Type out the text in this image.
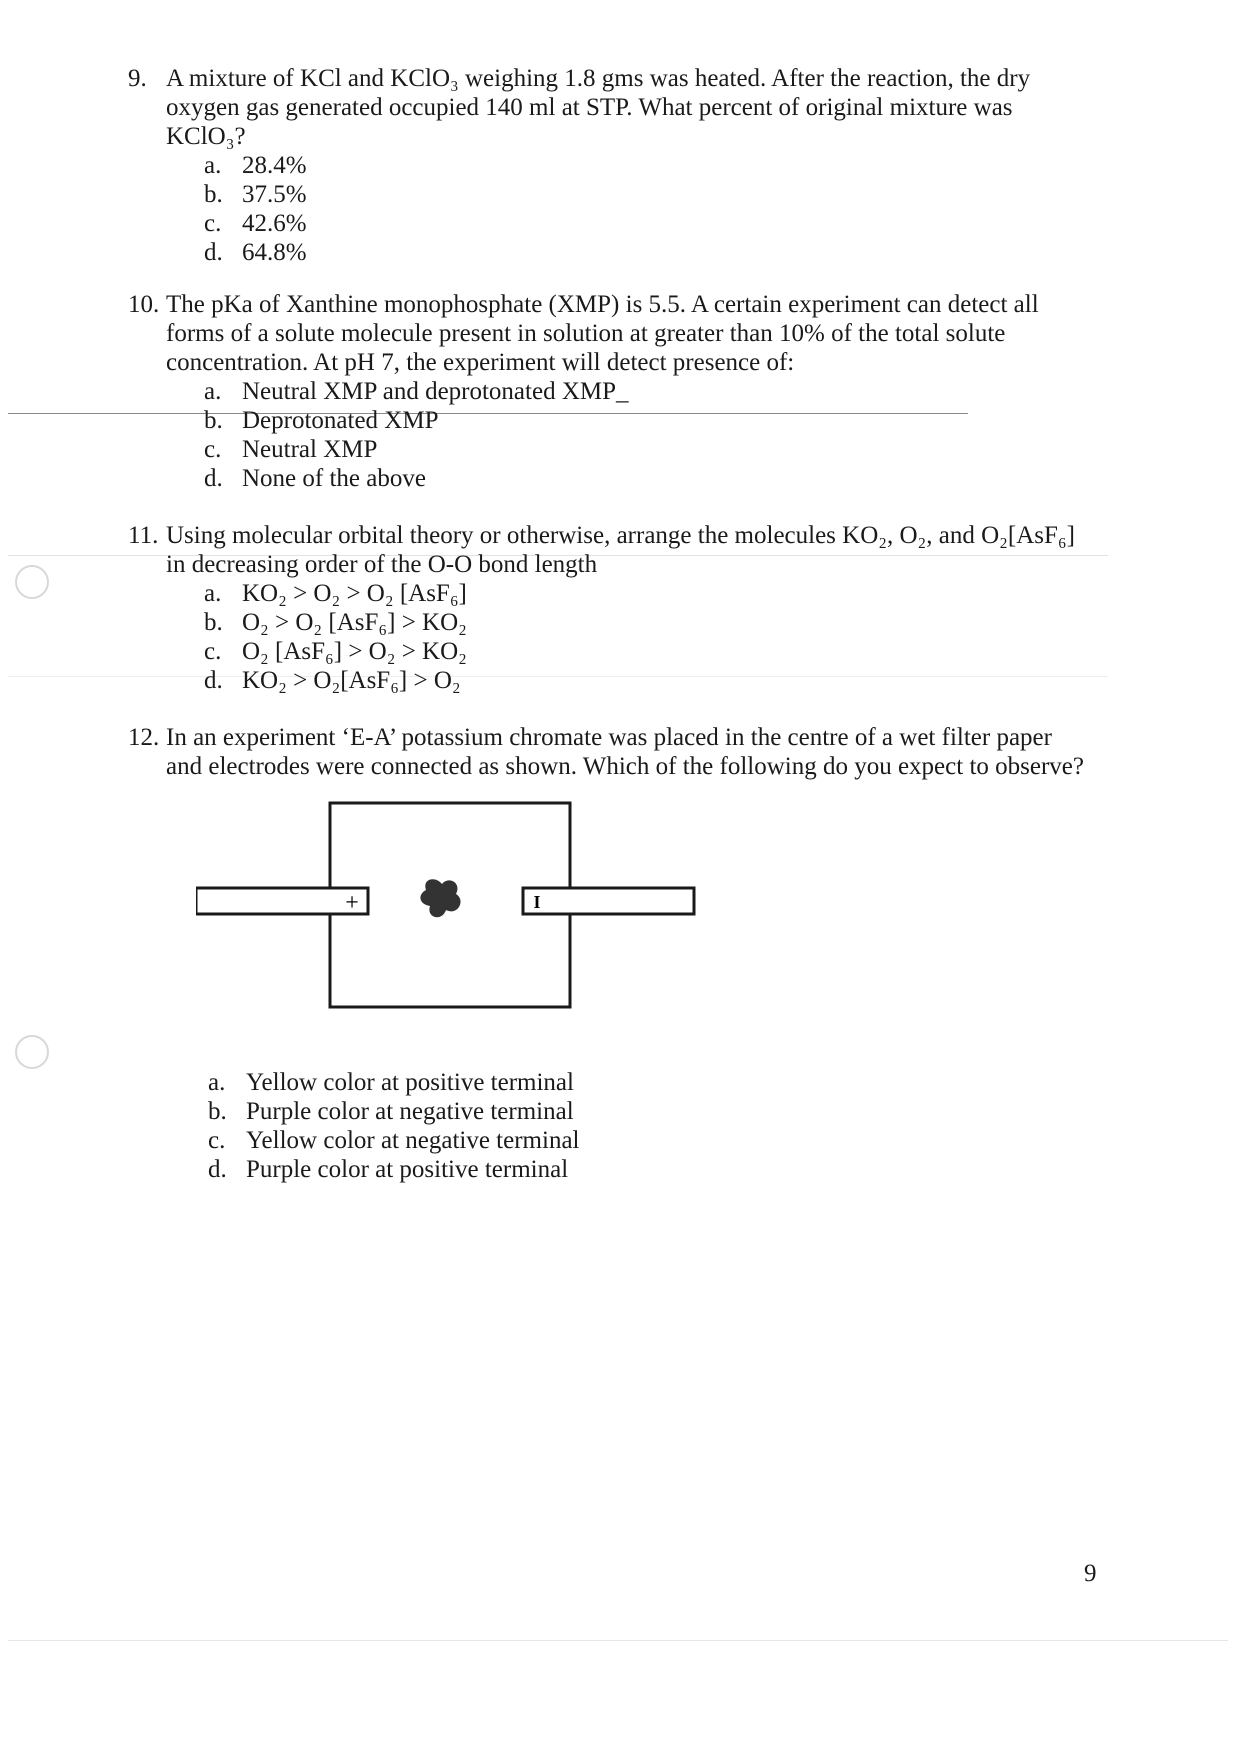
9. A mixture of KCl and KClO₃ weighing 1.8 gms was heated. After the reaction, the dry oxygen gas generated occupied 140 ml at STP. What percent of original mixture was KClO₃?
a. 28.4%
b. 37.5%
c. 42.6%
d. 64.8%
10. The pKa of Xanthine monophosphate (XMP) is 5.5. A certain experiment can detect all forms of a solute molecule present in solution at greater than 10% of the total solute concentration. At pH 7, the experiment will detect presence of:
a. Neutral XMP and deprotonated XMP_
b. Deprotonated XMP
c. Neutral XMP
d. None of the above
11. Using molecular orbital theory or otherwise, arrange the molecules KO₂, O₂, and O₂[AsF₆] in decreasing order of the O-O bond length
a. KO₂ > O₂ > O₂ [AsF₆]
b. O₂ > O₂ [AsF₆] > KO₂
c. O₂ [AsF₆] > O₂ > KO₂
d. KO₂ > O₂[AsF₆] > O₂
12. In an experiment ‘E-A’ potassium chromate was placed in the centre of a wet filter paper and electrodes were connected as shown. Which of the following do you expect to observe?
+	I
a. Yellow color at positive terminal
b. Purple color at negative terminal
c. Yellow color at negative terminal
d. Purple color at positive terminal
9
